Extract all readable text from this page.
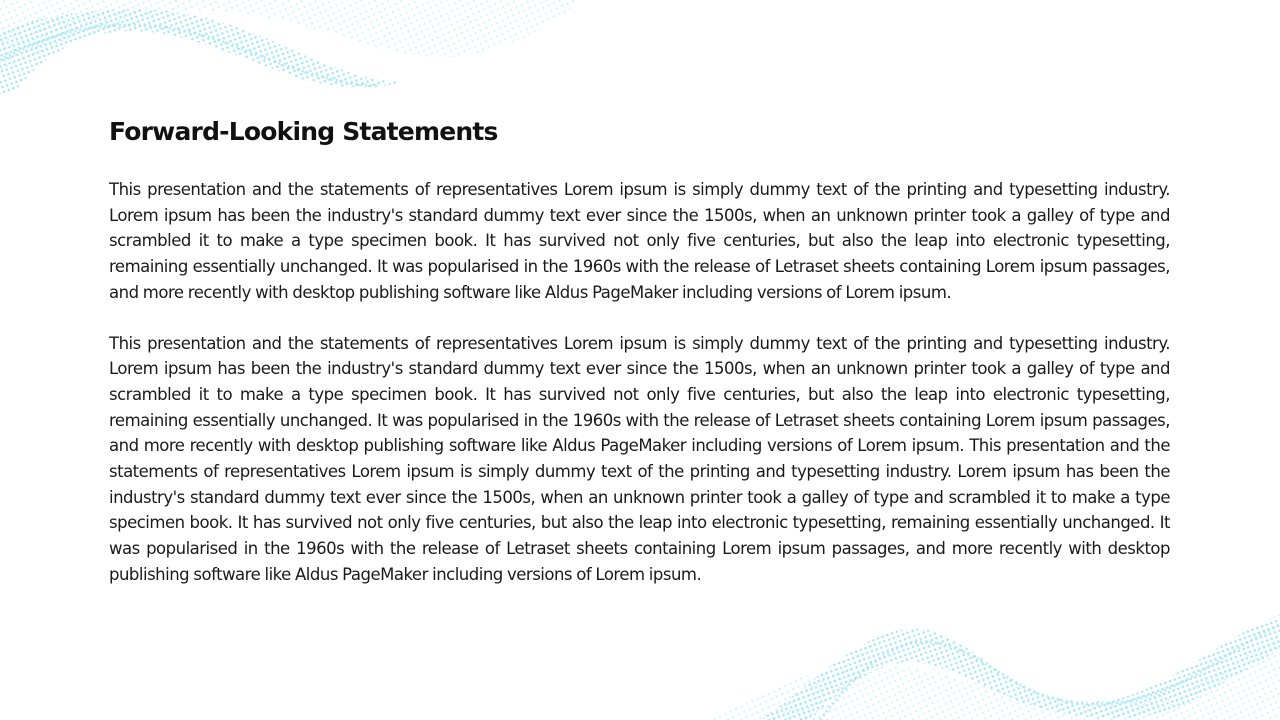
Forward-Looking Statements

This presentation and the statements of representatives Lorem ipsum is simply dummy text of the printing and typesetting industry. Lorem ipsum has been the industry's standard dummy text ever since the 1500s, when an unknown printer took a galley of type and scrambled it to make a type specimen book. It has survived not only five centuries, but also the leap into electronic typesetting, remaining essentially unchanged. It was popularised in the 1960s with the release of Letraset sheets containing Lorem ipsum passages, and more recently with desktop publishing software like Aldus PageMaker including versions of Lorem ipsum.

This presentation and the statements of representatives Lorem ipsum is simply dummy text of the printing and typesetting industry. Lorem ipsum has been the industry's standard dummy text ever since the 1500s, when an unknown printer took a galley of type and scrambled it to make a type specimen book. It has survived not only five centuries, but also the leap into electronic typesetting, remaining essentially unchanged. It was popularised in the 1960s with the release of Letraset sheets containing Lorem ipsum passages, and more recently with desktop publishing software like Aldus PageMaker including versions of Lorem ipsum. This presentation and the statements of representatives Lorem ipsum is simply dummy text of the printing and typesetting industry. Lorem ipsum has been the industry's standard dummy text ever since the 1500s, when an unknown printer took a galley of type and scrambled it to make a type specimen book. It has survived not only five centuries, but also the leap into electronic typesetting, remaining essentially unchanged. It was popularised in the 1960s with the release of Letraset sheets containing Lorem ipsum passages, and more recently with desktop publishing software like Aldus PageMaker including versions of Lorem ipsum.
